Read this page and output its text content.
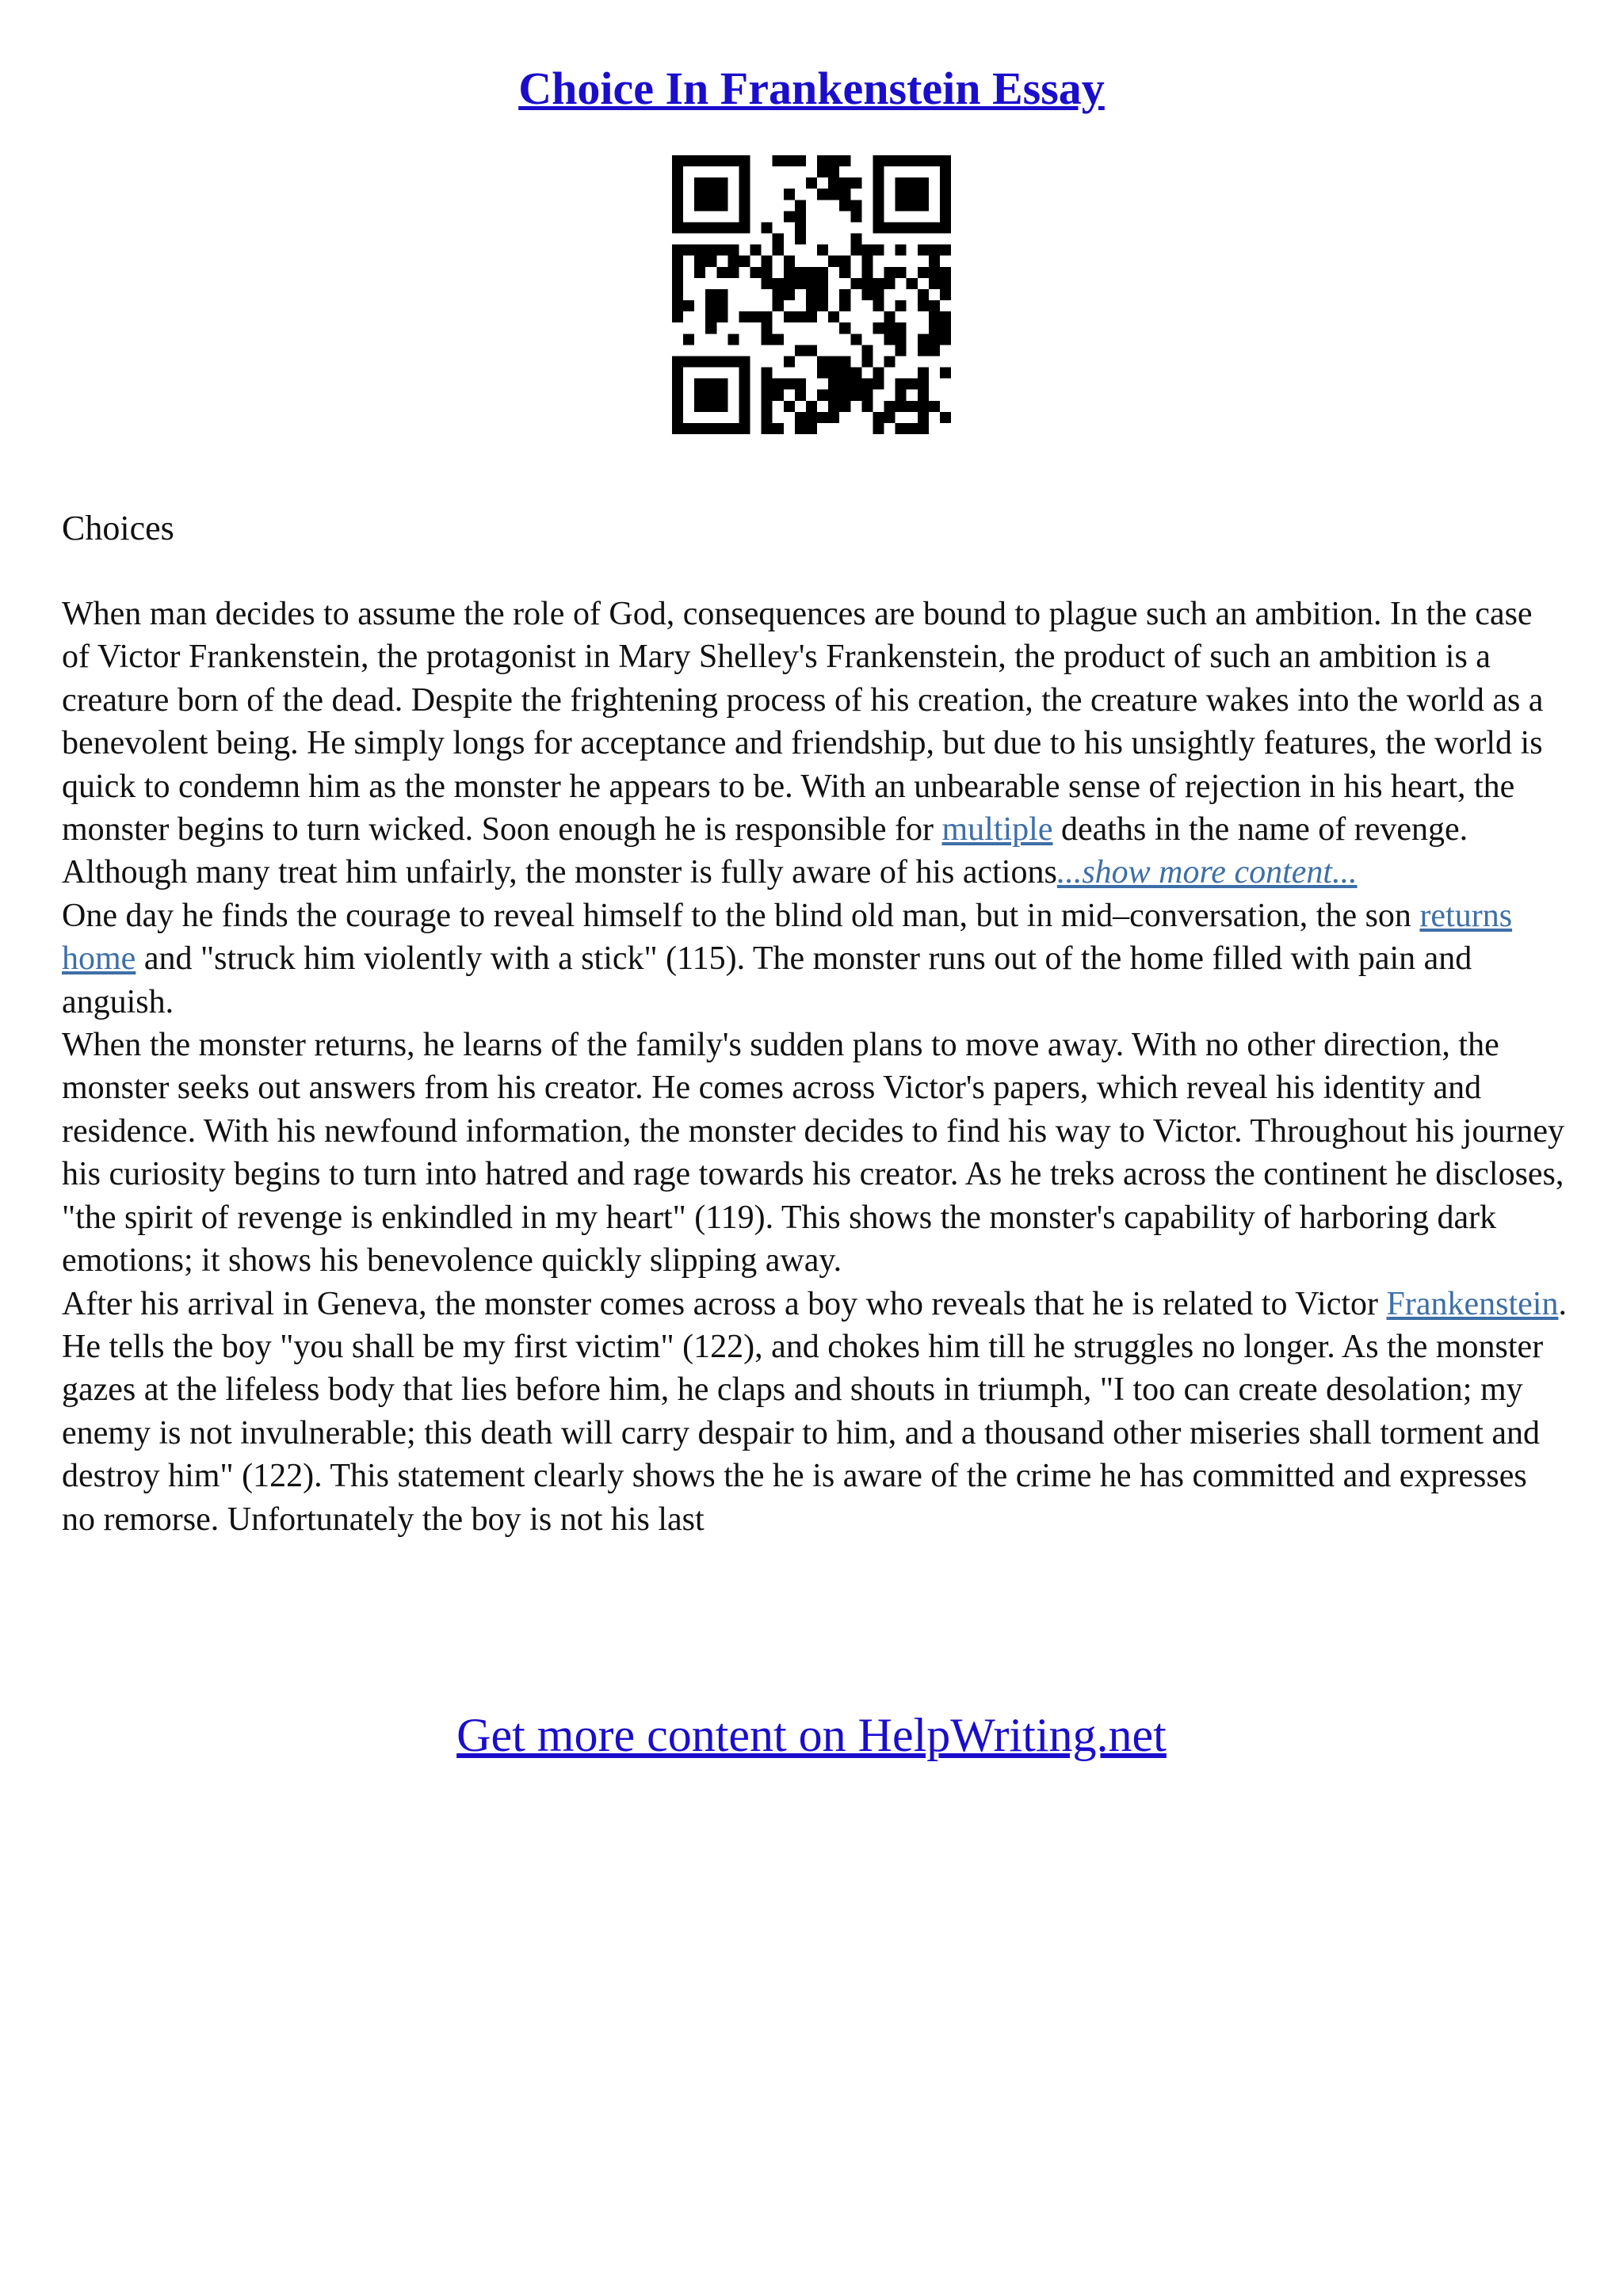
Choice In Frankenstein Essay
Choices

When man decides to assume the role of God, consequences are bound to plague such an ambition. In the case of Victor Frankenstein, the protagonist in Mary Shelley's Frankenstein, the product of such an ambition is a creature born of the dead. Despite the frightening process of his creation, the creature wakes into the world as a benevolent being. He simply longs for acceptance and friendship, but due to his unsightly features, the world is quick to condemn him as the monster he appears to be. With an unbearable sense of rejection in his heart, the monster begins to turn wicked. Soon enough he is responsible for multiple deaths in the name of revenge. Although many treat him unfairly, the monster is fully aware of his actions...show more content...

One day he finds the courage to reveal himself to the blind old man, but in mid–conversation, the son returns home and "struck him violently with a stick" (115). The monster runs out of the home filled with pain and anguish.

When the monster returns, he learns of the family's sudden plans to move away. With no other direction, the monster seeks out answers from his creator. He comes across Victor's papers, which reveal his identity and residence. With his newfound information, the monster decides to find his way to Victor. Throughout his journey his curiosity begins to turn into hatred and rage towards his creator. As he treks across the continent he discloses, "the spirit of revenge is enkindled in my heart" (119). This shows the monster's capability of harboring dark emotions; it shows his benevolence quickly slipping away.

After his arrival in Geneva, the monster comes across a boy who reveals that he is related to Victor Frankenstein. He tells the boy "you shall be my first victim" (122), and chokes him till he struggles no longer. As the monster gazes at the lifeless body that lies before him, he claps and shouts in triumph, "I too can create desolation; my enemy is not invulnerable; this death will carry despair to him, and a thousand other miseries shall torment and destroy him" (122). This statement clearly shows the he is aware of the crime he has committed and expresses no remorse. Unfortunately the boy is not his last

Get more content on HelpWriting.net
